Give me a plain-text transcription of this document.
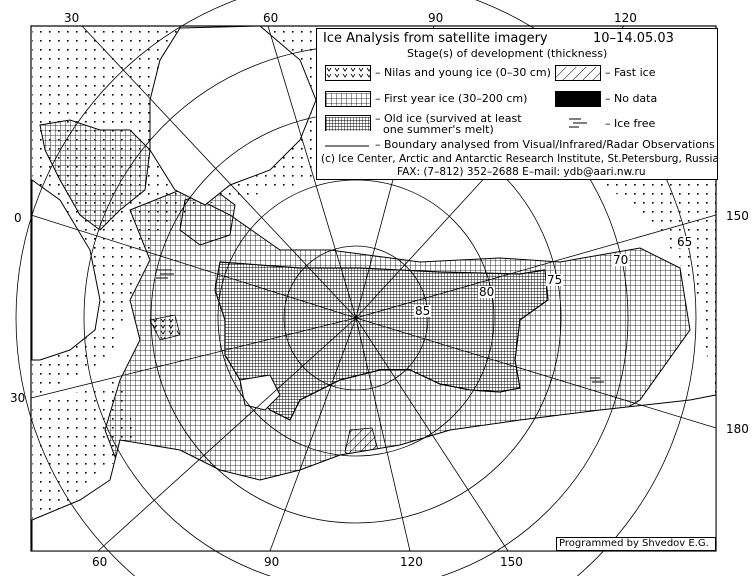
30	60	90	120
60	90	120	150
0
30
150
180
85
80
75
70
65
Ice Analysis from satellite imagery	10–14.05.03
Stage(s) of development (thickness)
– Nilas and young ice (0–30 cm)	– Fast ice
– First year ice (30–200 cm)	– No data
– Old ice (survived at least
one summer's melt)	– Ice free
– Boundary analysed from Visual/Infrared/Radar Observations
(c) Ice Center, Arctic and Antarctic Research Institute, St.Petersburg, Russia
FAX: (7–812) 352–2688 E–mail: ydb@aari.nw.ru
Programmed by Shvedov E.G.
